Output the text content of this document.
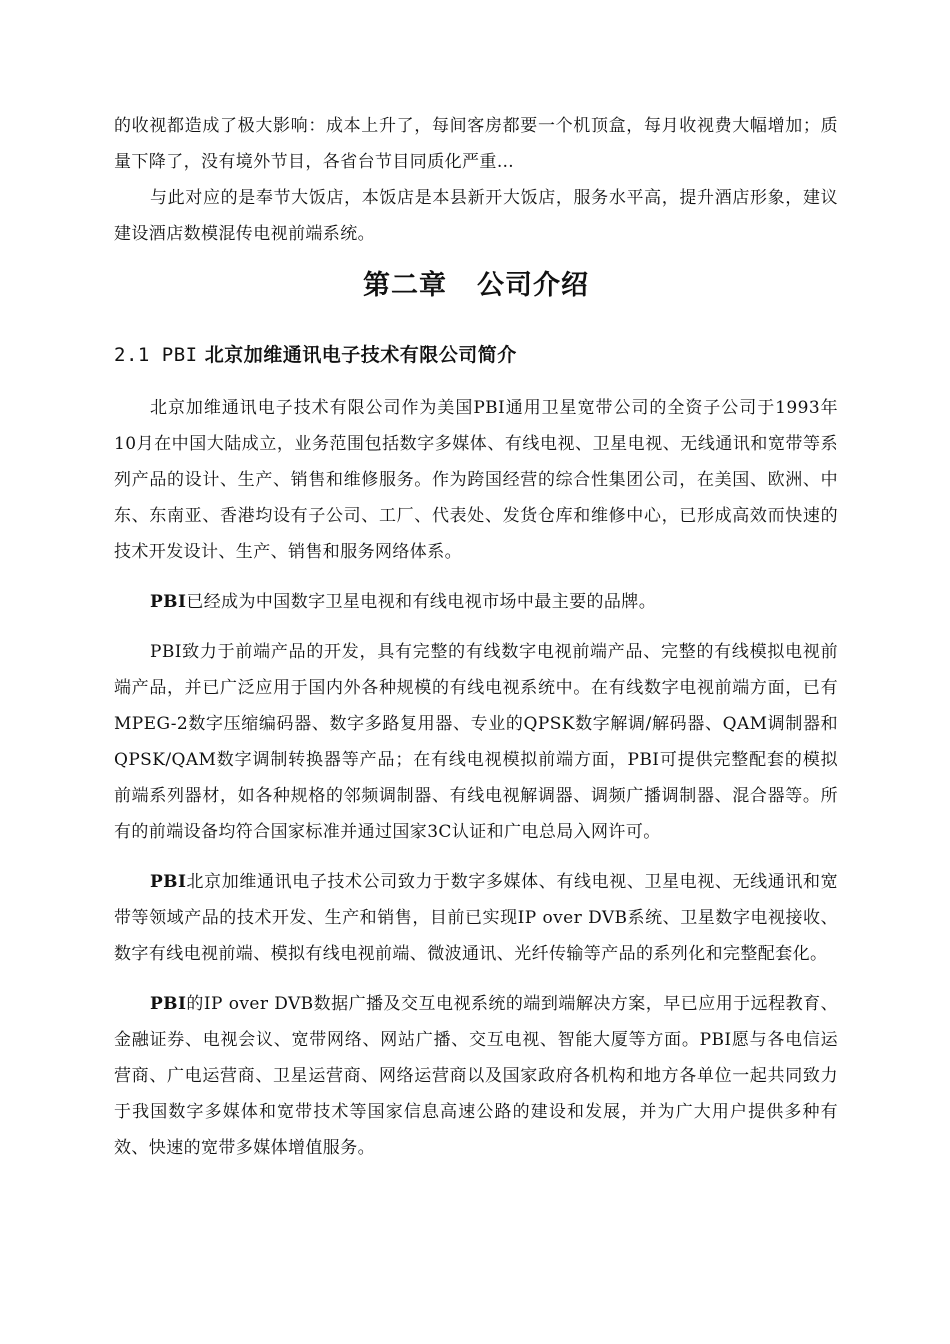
的收视都造成了极大影响：成本上升了，每间客房都要一个机顶盒，每月收视费大幅增加；质量下降了，没有境外节目，各省台节目同质化严重…

与此对应的是奉节大饭店，本饭店是本县新开大饭店，服务水平高，提升酒店形象，建议建设酒店数模混传电视前端系统。

第二章 公司介绍
2.1 PBI 北京加维通讯电子技术有限公司简介

北京加维通讯电子技术有限公司作为美国PBI通用卫星宽带公司的全资子公司于1993年10月在中国大陆成立，业务范围包括数字多媒体、有线电视、卫星电视、无线通讯和宽带等系列产品的设计、生产、销售和维修服务。作为跨国经营的综合性集团公司，在美国、欧洲、中东、东南亚、香港均设有子公司、工厂、代表处、发货仓库和维修中心，已形成高效而快速的技术开发设计、生产、销售和服务网络体系。

PBI已经成为中国数字卫星电视和有线电视市场中最主要的品牌。

PBI致力于前端产品的开发，具有完整的有线数字电视前端产品、完整的有线模拟电视前端产品，并已广泛应用于国内外各种规模的有线电视系统中。在有线数字电视前端方面，已有MPEG-2数字压缩编码器、数字多路复用器、专业的QPSK数字解调/解码器、QAM调制器和QPSK/QAM数字调制转换器等产品；在有线电视模拟前端方面，PBI可提供完整配套的模拟前端系列器材，如各种规格的邻频调制器、有线电视解调器、调频广播调制器、混合器等。所有的前端设备均符合国家标准并通过国家3C认证和广电总局入网许可。

PBI北京加维通讯电子技术公司致力于数字多媒体、有线电视、卫星电视、无线通讯和宽带等领域产品的技术开发、生产和销售，目前已实现IP over DVB系统、卫星数字电视接收、数字有线电视前端、模拟有线电视前端、微波通讯、光纤传输等产品的系列化和完整配套化。

PBI的IP over DVB数据广播及交互电视系统的端到端解决方案，早已应用于远程教育、金融证券、电视会议、宽带网络、网站广播、交互电视、智能大厦等方面。PBI愿与各电信运营商、广电运营商、卫星运营商、网络运营商以及国家政府各机构和地方各单位一起共同致力于我国数字多媒体和宽带技术等国家信息高速公路的建设和发展，并为广大用户提供多种有效、快速的宽带多媒体增值服务。
